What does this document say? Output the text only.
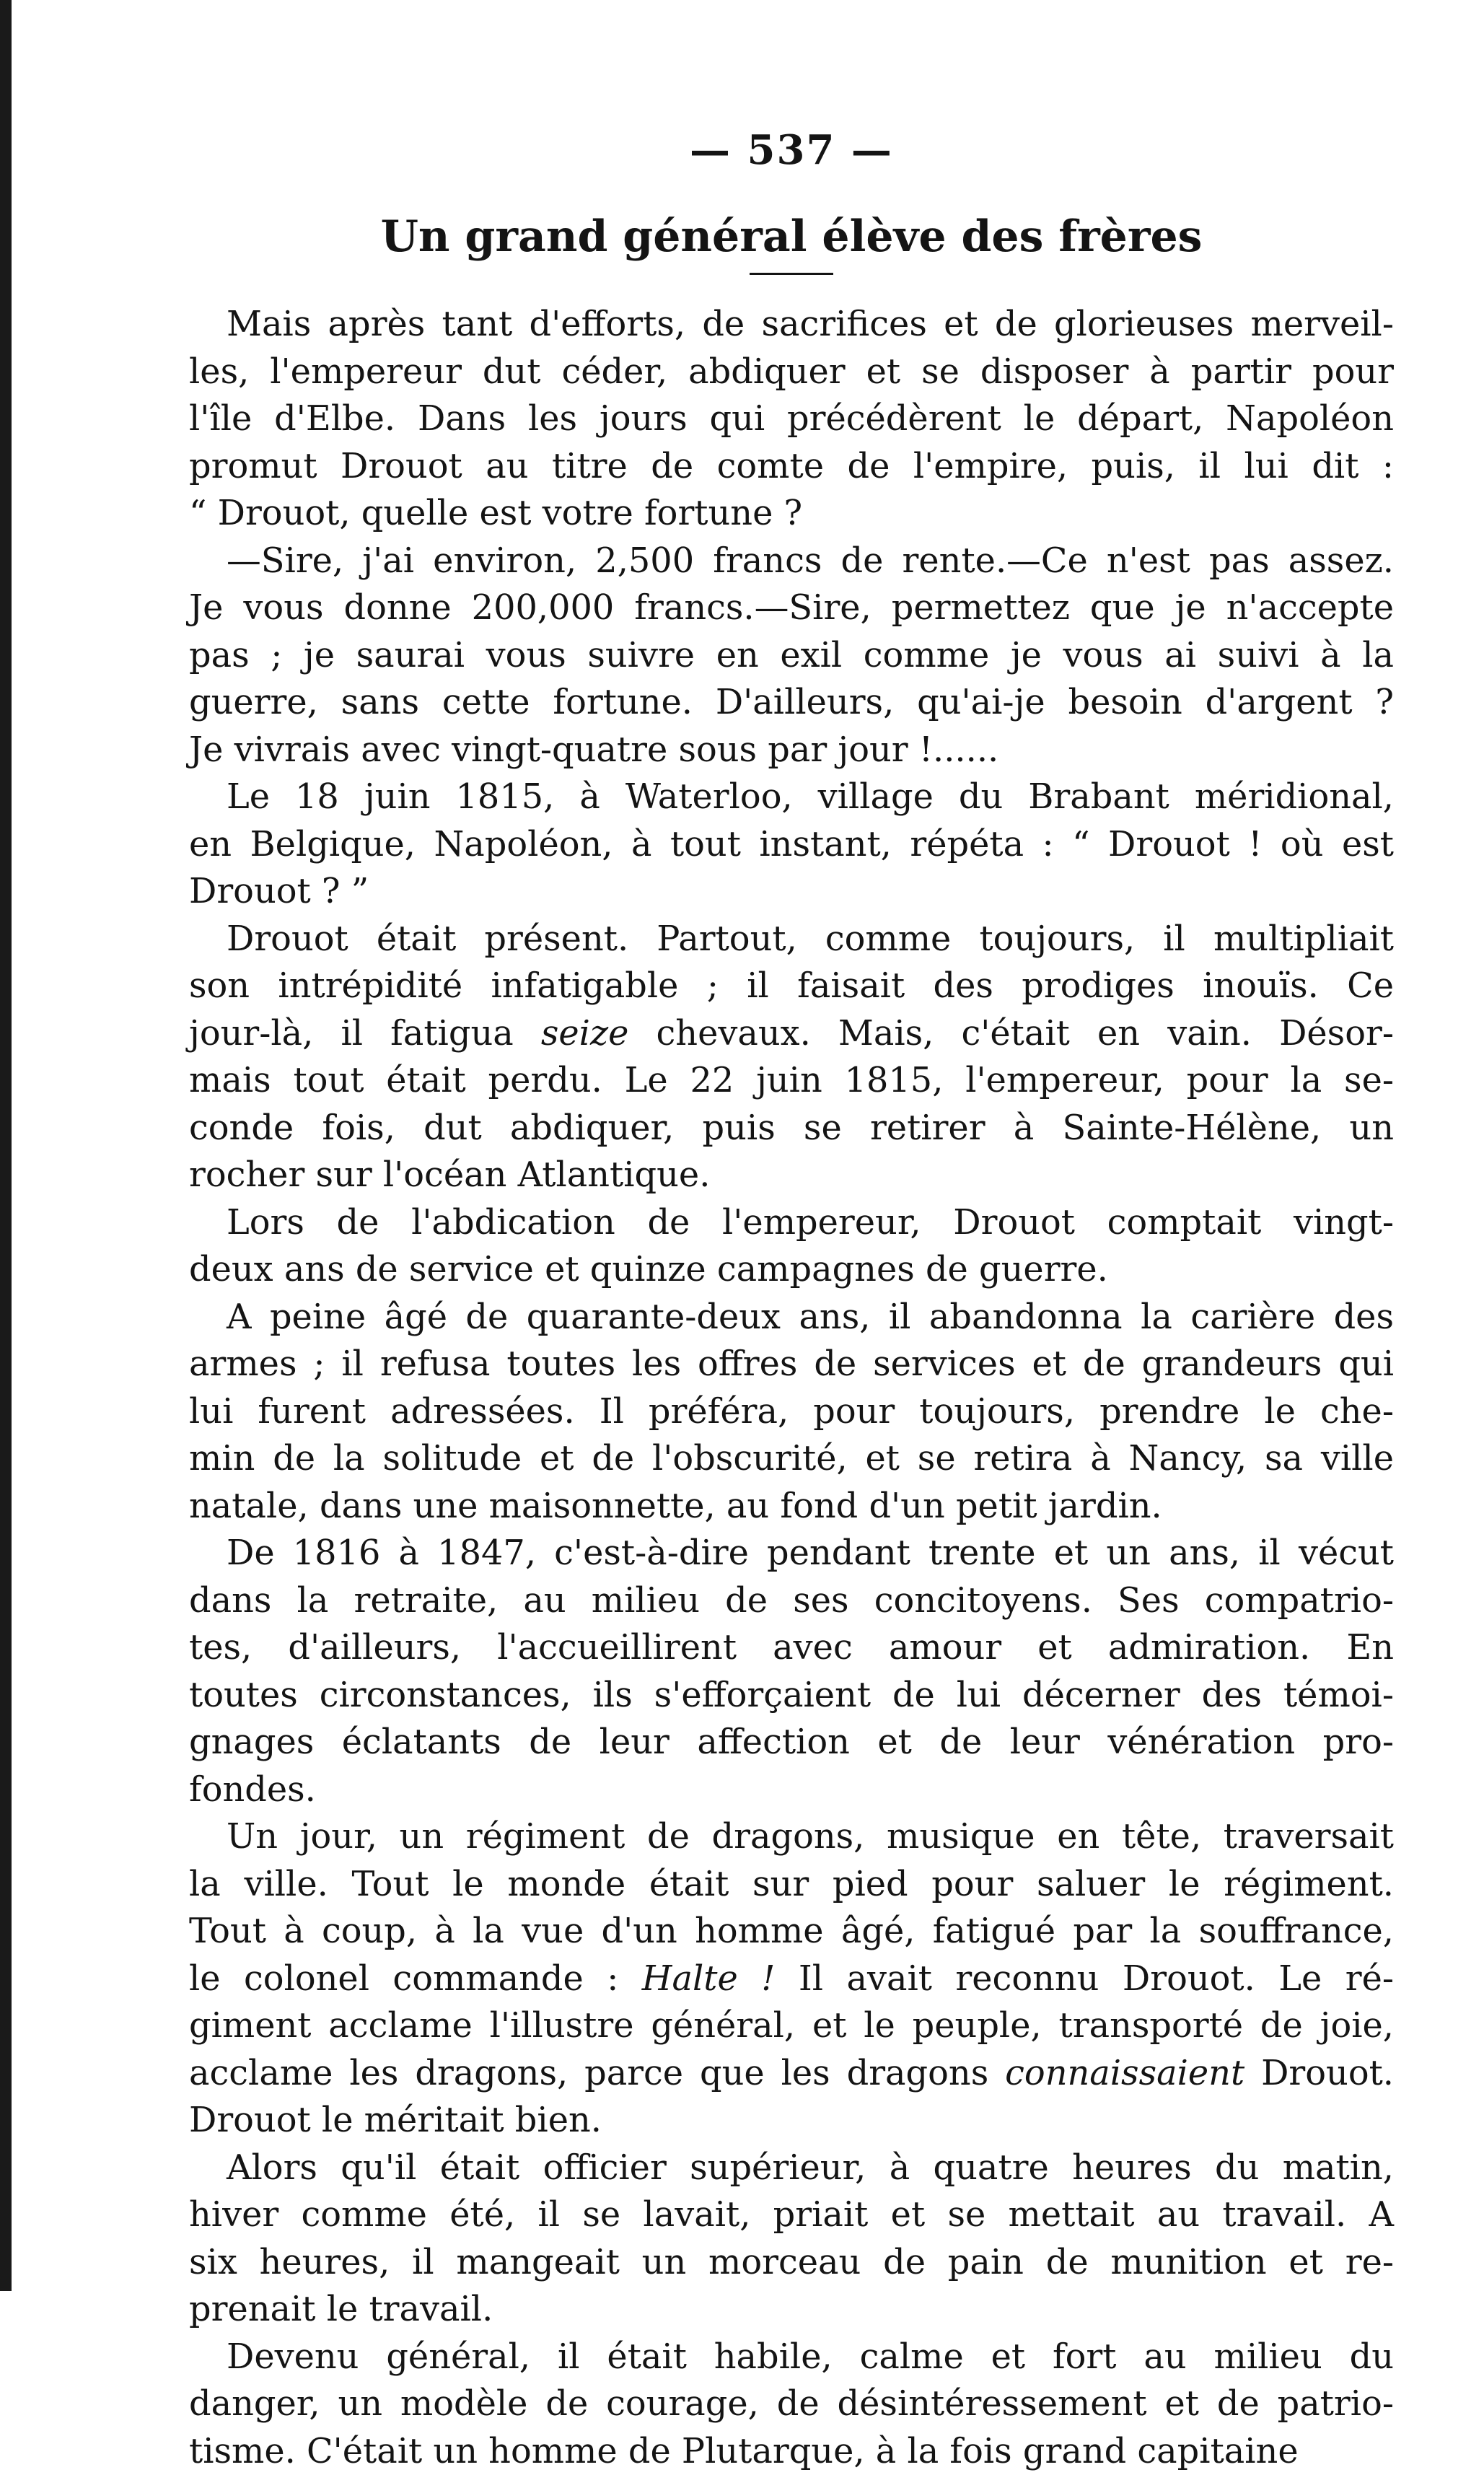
— 537 —
Un grand général élève des frères

Mais après tant d'efforts, de sacrifices et de glorieuses merveil-
les, l'empereur dut céder, abdiquer et se disposer à partir pour
l'île d'Elbe. Dans les jours qui précédèrent le départ, Napoléon
promut Drouot au titre de comte de l'empire, puis, il lui dit :
“ Drouot, quelle est votre fortune ?

—Sire, j'ai environ, 2,500 francs de rente.—Ce n'est pas assez.
Je vous donne 200,000 francs.—Sire, permettez que je n'accepte
pas ; je saurai vous suivre en exil comme je vous ai suivi à la
guerre, sans cette fortune. D'ailleurs, qu'ai-je besoin d'argent ?
Je vivrais avec vingt-quatre sous par jour !......

Le 18 juin 1815, à Waterloo, village du Brabant méridional,
en Belgique, Napoléon, à tout instant, répéta : “ Drouot ! où est
Drouot ? ”

Drouot était présent. Partout, comme toujours, il multipliait
son intrépidité infatigable ; il faisait des prodiges inouïs. Ce
jour-là, il fatigua seize chevaux. Mais, c'était en vain. Désor-
mais tout était perdu. Le 22 juin 1815, l'empereur, pour la se-
conde fois, dut abdiquer, puis se retirer à Sainte-Hélène, un
rocher sur l'océan Atlantique.

Lors de l'abdication de l'empereur, Drouot comptait vingt-
deux ans de service et quinze campagnes de guerre.

A peine âgé de quarante-deux ans, il abandonna la carière des
armes ; il refusa toutes les offres de services et de grandeurs qui
lui furent adressées. Il préféra, pour toujours, prendre le che-
min de la solitude et de l'obscurité, et se retira à Nancy, sa ville
natale, dans une maisonnette, au fond d'un petit jardin.

De 1816 à 1847, c'est-à-dire pendant trente et un ans, il vécut
dans la retraite, au milieu de ses concitoyens. Ses compatrio-
tes, d'ailleurs, l'accueillirent avec amour et admiration. En
toutes circonstances, ils s'efforçaient de lui décerner des témoi-
gnages éclatants de leur affection et de leur vénération pro-
fondes.

Un jour, un régiment de dragons, musique en tête, traversait
la ville. Tout le monde était sur pied pour saluer le régiment.
Tout à coup, à la vue d'un homme âgé, fatigué par la souffrance,
le colonel commande : Halte ! Il avait reconnu Drouot. Le ré-
giment acclame l'illustre général, et le peuple, transporté de joie,
acclame les dragons, parce que les dragons connaissaient Drouot.
Drouot le méritait bien.

Alors qu'il était officier supérieur, à quatre heures du matin,
hiver comme été, il se lavait, priait et se mettait au travail. A
six heures, il mangeait un morceau de pain de munition et re-
prenait le travail.

Devenu général, il était habile, calme et fort au milieu du
danger, un modèle de courage, de désintéressement et de patrio-
tisme. C'était un homme de Plutarque, à la fois grand capitaine
